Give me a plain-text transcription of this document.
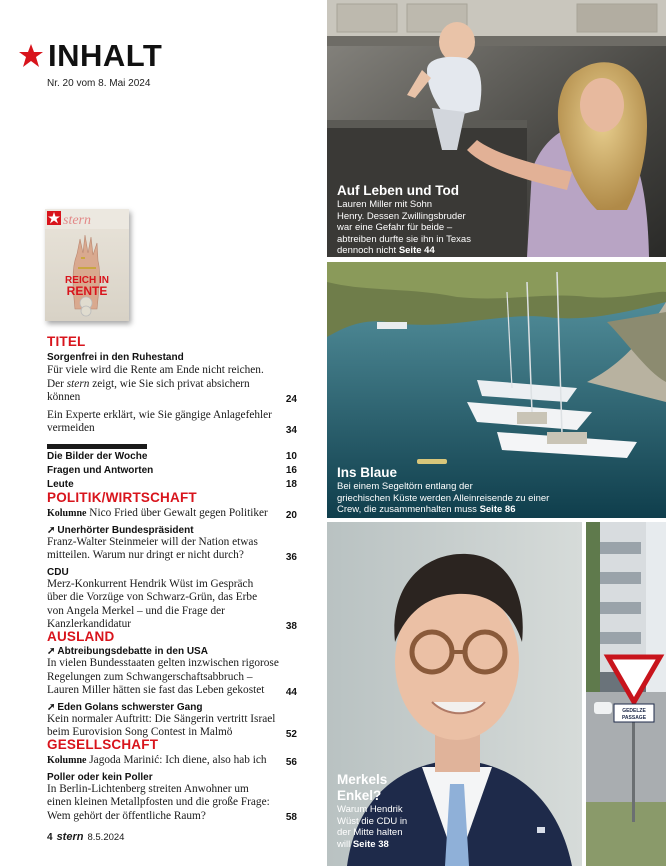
INHALT
Nr. 20 vom 8. Mai 2024
stern
REICH IN
RENTE
TITEL
Sorgenfrei in den Ruhestand
Für viele wird die Rente am Ende nicht reichen.
Der stern zeigt, wie Sie sich privat absichern können	24
Ein Experte erklärt, wie Sie gängige Anlagefehler
vermeiden	34
Die Bilder der Woche	10
Fragen und Antworten	16
Leute	18
POLITIK/WIRTSCHAFT
Kolumne Nico Fried über Gewalt gegen Politiker 20
➚ Unerhörter Bundespräsident
Franz-Walter Steinmeier will der Nation etwas
mitteilen. Warum nur dringt er nicht durch?	36
CDU
Merz-Konkurrent Hendrik Wüst im Gespräch
über die Vorzüge von Schwarz-Grün, das Erbe
von Angela Merkel – und die Frage der
Kanzlerkandidatur	38
AUSLAND
➚ Abtreibungsdebatte in den USA
In vielen Bundesstaaten gelten inzwischen rigorose
Regelungen zum Schwangerschaftsabbruch –
Lauren Miller hätten sie fast das Leben gekostet	44
➚ Eden Golans schwerster Gang
Kein normaler Auftritt: Die Sängerin vertritt Israel
beim Eurovision Song Contest in Malmö	52
GESELLSCHAFT
Kolumne Jagoda Marinić: Ich diene, also hab ich 56
Poller oder kein Poller
In Berlin-Lichtenberg streiten Anwohner um
einen kleinen Metallpfosten und die große Frage:
Wem gehört der öffentliche Raum?	58
4 stern 8.5.2024
Auf Leben und Tod
Lauren Miller mit Sohn
Henry. Dessen Zwillingsbruder
war eine Gefahr für beide –
abtreiben durfte sie ihn in Texas
dennoch nicht Seite 44
Ins Blaue
Bei einem Segeltörn entlang der
griechischen Küste werden Alleinreisende zu einer
Crew, die zusammenhalten muss Seite 86
Merkels
Enkel?
Warum Hendrik
Wüst die CDU in
der Mitte halten
will Seite 38
GEDELZE
PASSAGE
